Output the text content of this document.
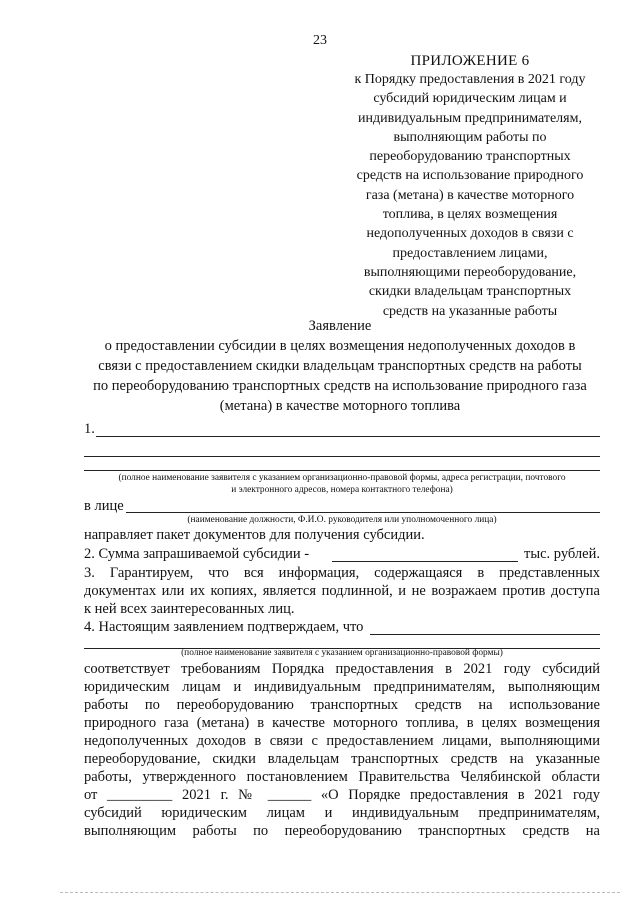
23
ПРИЛОЖЕНИЕ 6
к Порядку предоставления в 2021 году
субсидий юридическим лицам и
индивидуальным предпринимателям,
выполняющим работы по
переоборудованию транспортных
средств на использование природного
газа (метана) в качестве моторного
топлива, в целях возмещения
недополученных доходов в связи с
предоставлением лицами,
выполняющими переоборудование,
скидки владельцам транспортных
средств на указанные работы
Заявление
о предоставлении субсидии в целях возмещения недополученных доходов в
связи с предоставлением скидки владельцам транспортных средств на работы
по переоборудованию транспортных средств на использование природного газа
(метана) в качестве моторного топлива
1.
(полное наименование заявителя с указанием организационно-правовой формы, адреса регистрации, почтового
и электронного адресов, номера контактного телефона)
в лице
(наименование должности, Ф.И.О. руководителя или уполномоченного лица)
направляет пакет документов для получения субсидии.
2. Сумма запрашиваемой субсидии -	тыс. рублей.
3. Гарантируем, что вся информация, содержащаяся в представленных
документах или их копиях, является подлинной, и не возражаем против доступа
к ней всех заинтересованных лиц.
4. Настоящим заявлением подтверждаем, что
(полное наименование заявителя с указанием организационно-правовой формы)
соответствует требованиям Порядка предоставления в 2021 году субсидий
юридическим лицам и индивидуальным предпринимателям, выполняющим
работы по переоборудованию транспортных средств на использование
природного газа (метана) в качестве моторного топлива, в целях возмещения
недополученных доходов в связи с предоставлением лицами, выполняющими
переоборудование, скидки владельцам транспортных средств на указанные
работы, утвержденного постановлением Правительства Челябинской области
от _________ 2021 г. № ______ «О Порядке предоставления в 2021 году
субсидий юридическим лицам и индивидуальным предпринимателям,
выполняющим работы по переоборудованию транспортных средств на
